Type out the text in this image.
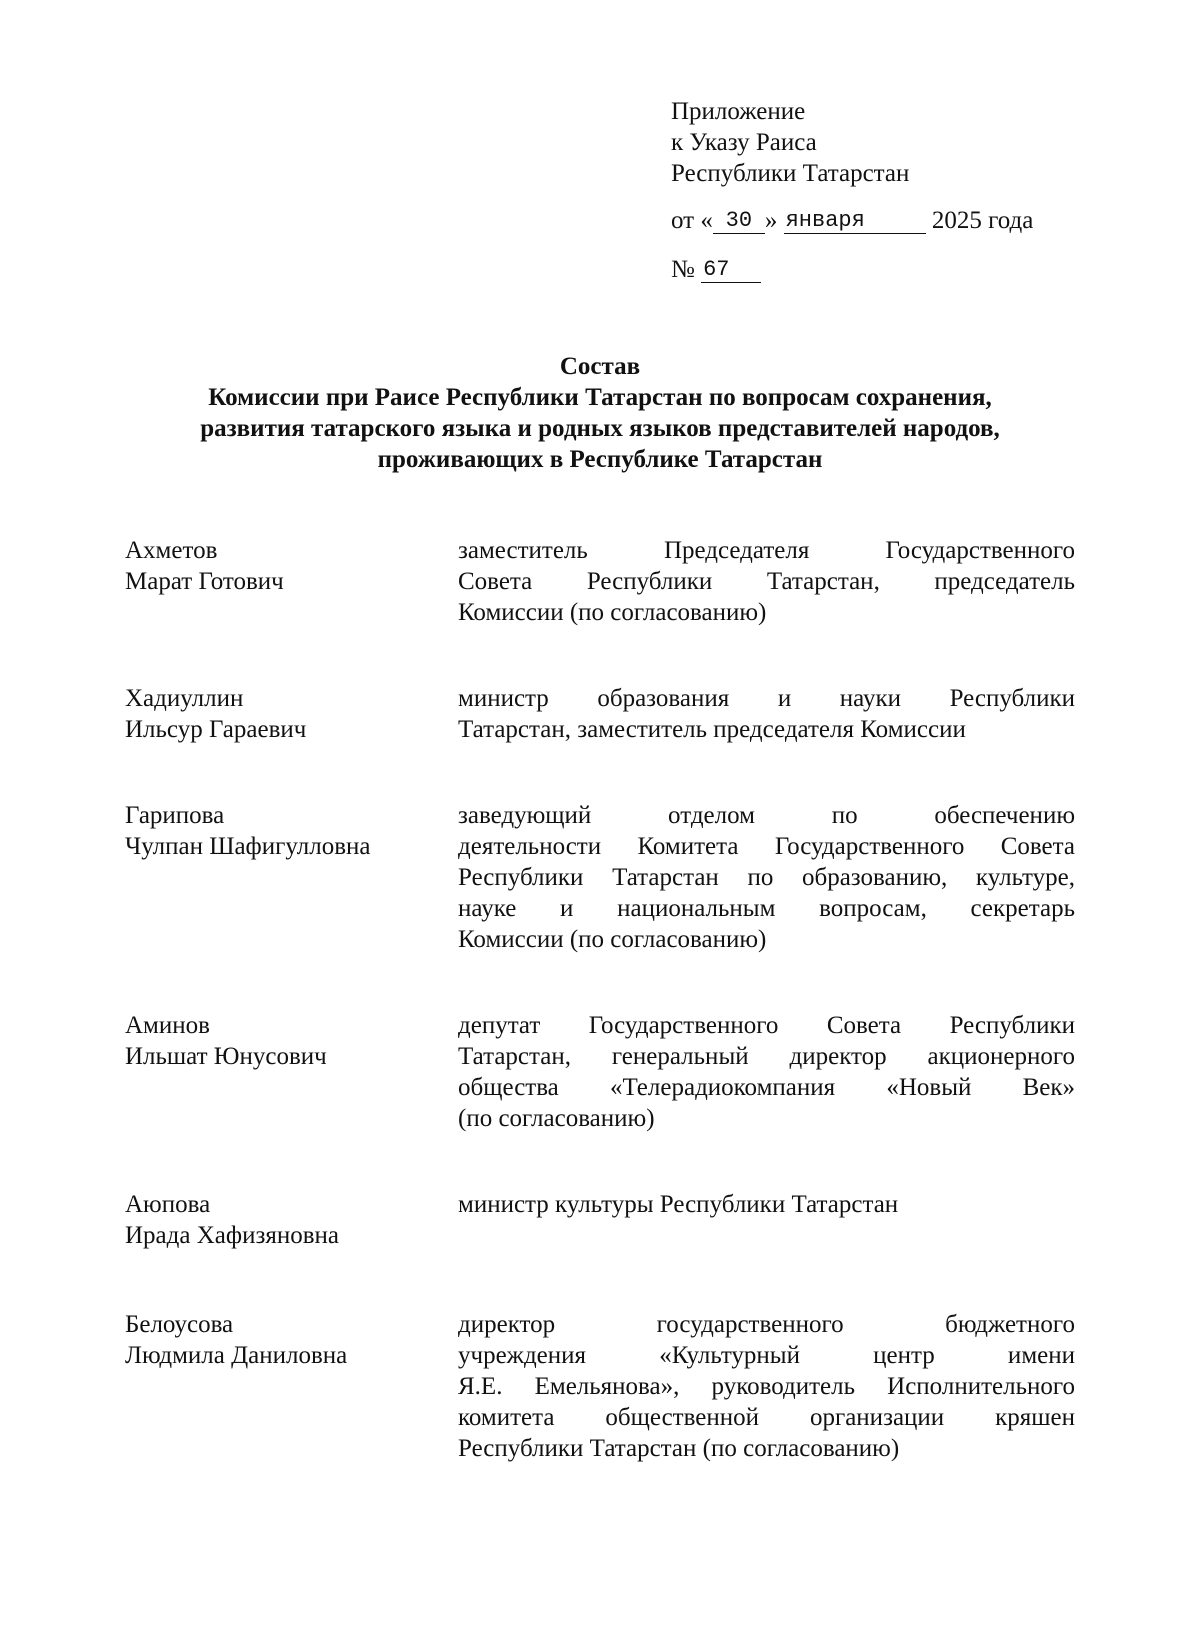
Приложение
к Указу Раиса
Республики Татарстан
от « 30 » января	2025 года
№ 67
Состав
Комиссии при Раисе Республики Татарстан по вопросам сохранения,
развития татарского языка и родных языков представителей народов,
проживающих в Республике Татарстан
Ахметов
Марат Готович
заместитель Председателя Государственного
Совета Республики Татарстан, председатель
Комиссии (по согласованию)
Хадиуллин
Ильсур Гараевич
министр образования и науки Республики
Татарстан, заместитель председателя Комиссии
Гарипова
Чулпан Шафигулловна
заведующий отделом по обеспечению
деятельности Комитета Государственного Совета
Республики Татарстан по образованию, культуре,
науке и национальным вопросам, секретарь
Комиссии (по согласованию)
Аминов
Ильшат Юнусович
депутат Государственного Совета Республики
Татарстан, генеральный директор акционерного
общества «Телерадиокомпания «Новый Век»
(по согласованию)
Аюпова
Ирада Хафизяновна
министр культуры Республики Татарстан
Белоусова
Людмила Даниловна
директор государственного бюджетного
учреждения «Культурный центр имени
Я.Е. Емельянова», руководитель Исполнительного
комитета общественной организации кряшен
Республики Татарстан (по согласованию)
